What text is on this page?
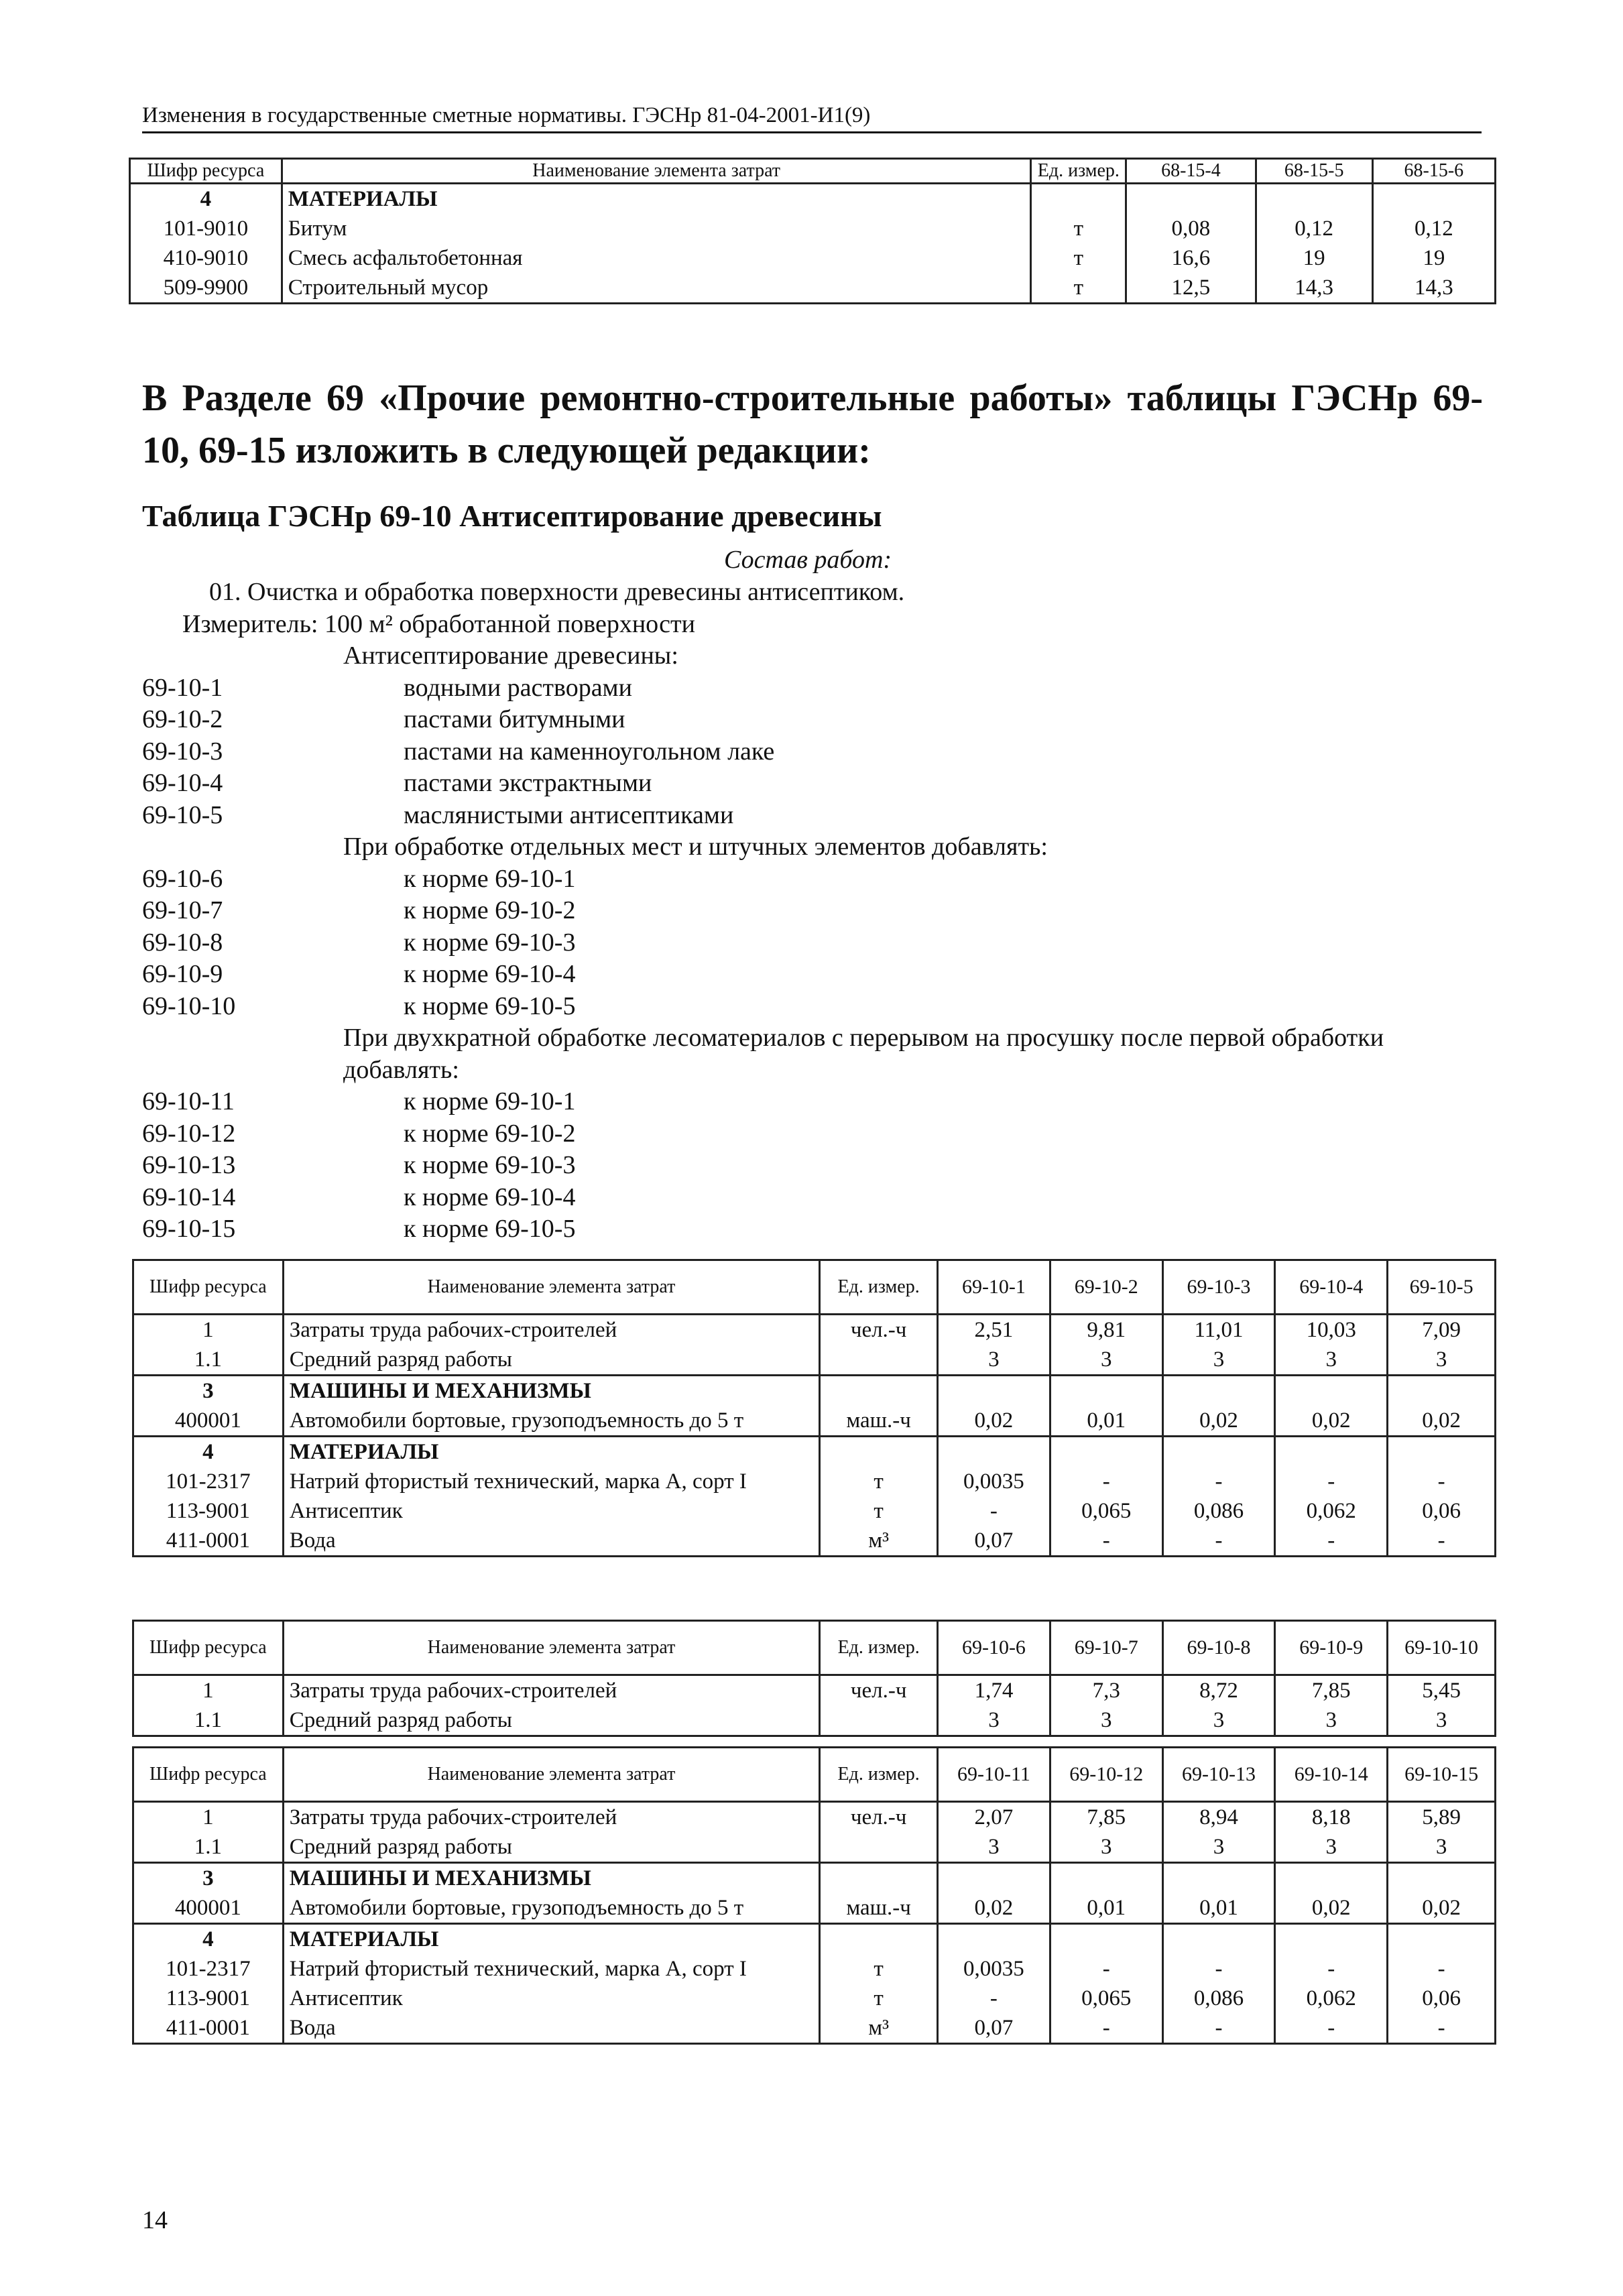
Изменения в государственные сметные нормативы. ГЭСНр 81-04-2001-И1(9)
Шифр ресурса	Наименование элемента затрат	Ед. измер.	68-15-4	68-15-5	68-15-6
4	МАТЕРИАЛЫ				
101-9010	Битум	т	0,08	0,12	0,12
410-9010	Смесь асфальтобетонная	т	16,6	19	19
509-9900	Строительный мусор	т	12,5	14,3	14,3
В Разделе 69 «Прочие ремонтно-строительные работы» таблицы ГЭСНр 69-10, 69-15 изложить в следующей редакции:
Таблица ГЭСНр 69-10 Антисептирование древесины
Состав работ:
01. Очистка и обработка поверхности древесины антисептиком.
Измеритель: 100 м² обработанной поверхности
Антисептирование древесины:
69-10-1	водными растворами
69-10-2	пастами битумными
69-10-3	пастами на каменноугольном лаке
69-10-4	пастами экстрактными
69-10-5	маслянистыми антисептиками
При обработке отдельных мест и штучных элементов добавлять:
69-10-6	к норме 69-10-1
69-10-7	к норме 69-10-2
69-10-8	к норме 69-10-3
69-10-9	к норме 69-10-4
69-10-10	к норме 69-10-5
При двухкратной обработке лесоматериалов с перерывом на просушку после первой обработки
добавлять:
69-10-11	к норме 69-10-1
69-10-12	к норме 69-10-2
69-10-13	к норме 69-10-3
69-10-14	к норме 69-10-4
69-10-15	к норме 69-10-5
Шифр ресурса	Наименование элемента затрат	Ед. измер.	69-10-1	69-10-2	69-10-3	69-10-4	69-10-5
1	Затраты труда рабочих-строителей	чел.-ч	2,51	9,81	11,01	10,03	7,09
1.1	Средний разряд работы		3	3	3	3	3
3	МАШИНЫ И МЕХАНИЗМЫ						
400001	Автомобили бортовые, грузоподъемность до 5 т	маш.-ч	0,02	0,01	0,02	0,02	0,02
4	МАТЕРИАЛЫ						
101-2317	Натрий фтористый технический, марка А, сорт I	т	0,0035	-	-	-	-
113-9001	Антисептик	т	-	0,065	0,086	0,062	0,06
411-0001	Вода	м³	0,07	-	-	-	-
Шифр ресурса	Наименование элемента затрат	Ед. измер.	69-10-6	69-10-7	69-10-8	69-10-9	69-10-10
1	Затраты труда рабочих-строителей	чел.-ч	1,74	7,3	8,72	7,85	5,45
1.1	Средний разряд работы		3	3	3	3	3
Шифр ресурса	Наименование элемента затрат	Ед. измер.	69-10-11	69-10-12	69-10-13	69-10-14	69-10-15
1	Затраты труда рабочих-строителей	чел.-ч	2,07	7,85	8,94	8,18	5,89
1.1	Средний разряд работы		3	3	3	3	3
3	МАШИНЫ И МЕХАНИЗМЫ						
400001	Автомобили бортовые, грузоподъемность до 5 т	маш.-ч	0,02	0,01	0,01	0,02	0,02
4	МАТЕРИАЛЫ						
101-2317	Натрий фтористый технический, марка А, сорт I	т	0,0035	-	-	-	-
113-9001	Антисептик	т	-	0,065	0,086	0,062	0,06
411-0001	Вода	м³	0,07	-	-	-	-
14
